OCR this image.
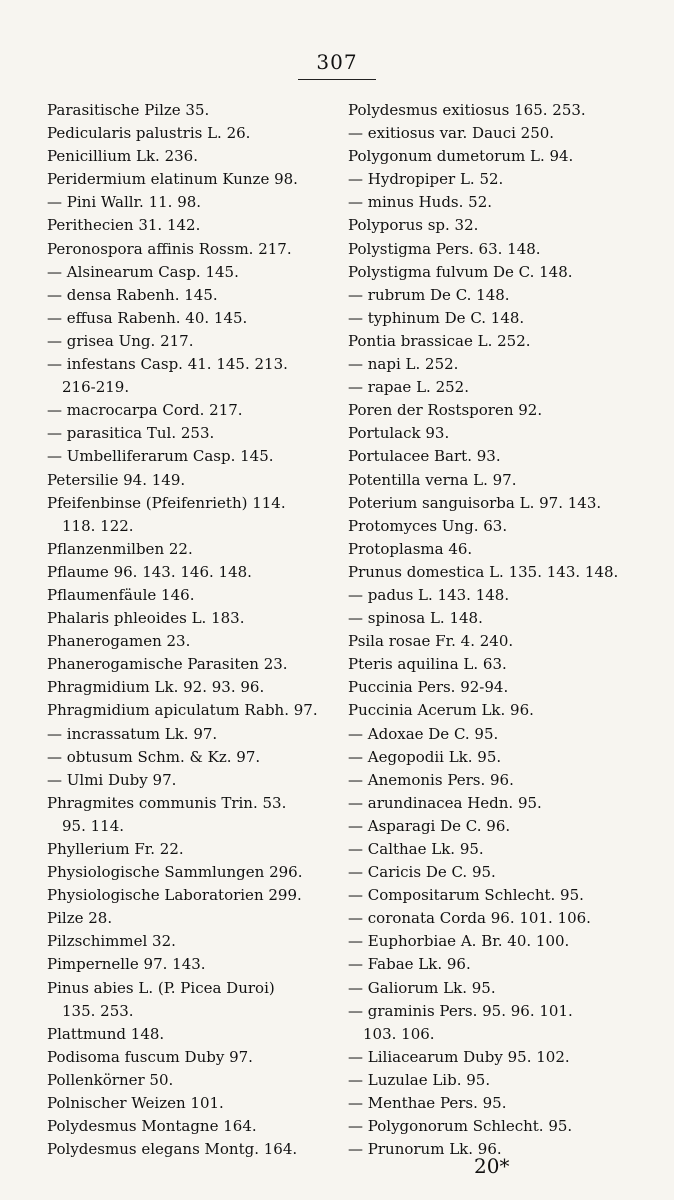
307
Parasitische Pilze 35.
Pedicularis palustris L. 26.
Penicillium Lk. 236.
Peridermium elatinum Kunze 98.
— Pini Wallr. 11. 98.
Perithecien 31. 142.
Peronospora affinis Rossm. 217.
— Alsinearum Casp. 145.
— densa Rabenh. 145.
— effusa Rabenh. 40. 145.
— grisea Ung. 217.
— infestans Casp. 41. 145. 213.
216-219.
— macrocarpa Cord. 217.
— parasitica Tul. 253.
— Umbelliferarum Casp. 145.
Petersilie 94. 149.
Pfeifenbinse (Pfeifenrieth) 114.
118. 122.
Pflanzenmilben 22.
Pflaume 96. 143. 146. 148.
Pflaumenfäule 146.
Phalaris phleoides L. 183.
Phanerogamen 23.
Phanerogamische Parasiten 23.
Phragmidium Lk. 92. 93. 96.
Phragmidium apiculatum Rabh. 97.
— incrassatum Lk. 97.
— obtusum Schm. & Kz. 97.
— Ulmi Duby 97.
Phragmites communis Trin. 53.
95. 114.
Phyllerium Fr. 22.
Physiologische Sammlungen 296.
Physiologische Laboratorien 299.
Pilze 28.
Pilzschimmel 32.
Pimpernelle 97. 143.
Pinus abies L. (P. Picea Duroi)
135. 253.
Plattmund 148.
Podisoma fuscum Duby 97.
Pollenkörner 50.
Polnischer Weizen 101.
Polydesmus Montagne 164.
Polydesmus elegans Montg. 164.
Polydesmus exitiosus 165. 253.
— exitiosus var. Dauci 250.
Polygonum dumetorum L. 94.
— Hydropiper L. 52.
— minus Huds. 52.
Polyporus sp. 32.
Polystigma Pers. 63. 148.
Polystigma fulvum De C. 148.
— rubrum De C. 148.
— typhinum De C. 148.
Pontia brassicae L. 252.
— napi L. 252.
— rapae L. 252.
Poren der Rostsporen 92.
Portulack 93.
Portulacee Bart. 93.
Potentilla verna L. 97.
Poterium sanguisorba L. 97. 143.
Protomyces Ung. 63.
Protoplasma 46.
Prunus domestica L. 135. 143. 148.
— padus L. 143. 148.
— spinosa L. 148.
Psila rosae Fr. 4. 240.
Pteris aquilina L. 63.
Puccinia Pers. 92-94.
Puccinia Acerum Lk. 96.
— Adoxae De C. 95.
— Aegopodii Lk. 95.
— Anemonis Pers. 96.
— arundinacea Hedn. 95.
— Asparagi De C. 96.
— Calthae Lk. 95.
— Caricis De C. 95.
— Compositarum Schlecht. 95.
— coronata Corda 96. 101. 106.
— Euphorbiae A. Br. 40. 100.
— Fabae Lk. 96.
— Galiorum Lk. 95.
— graminis Pers. 95. 96. 101.
103. 106.
— Liliacearum Duby 95. 102.
— Luzulae Lib. 95.
— Menthae Pers. 95.
— Polygonorum Schlecht. 95.
— Prunorum Lk. 96.
20*
